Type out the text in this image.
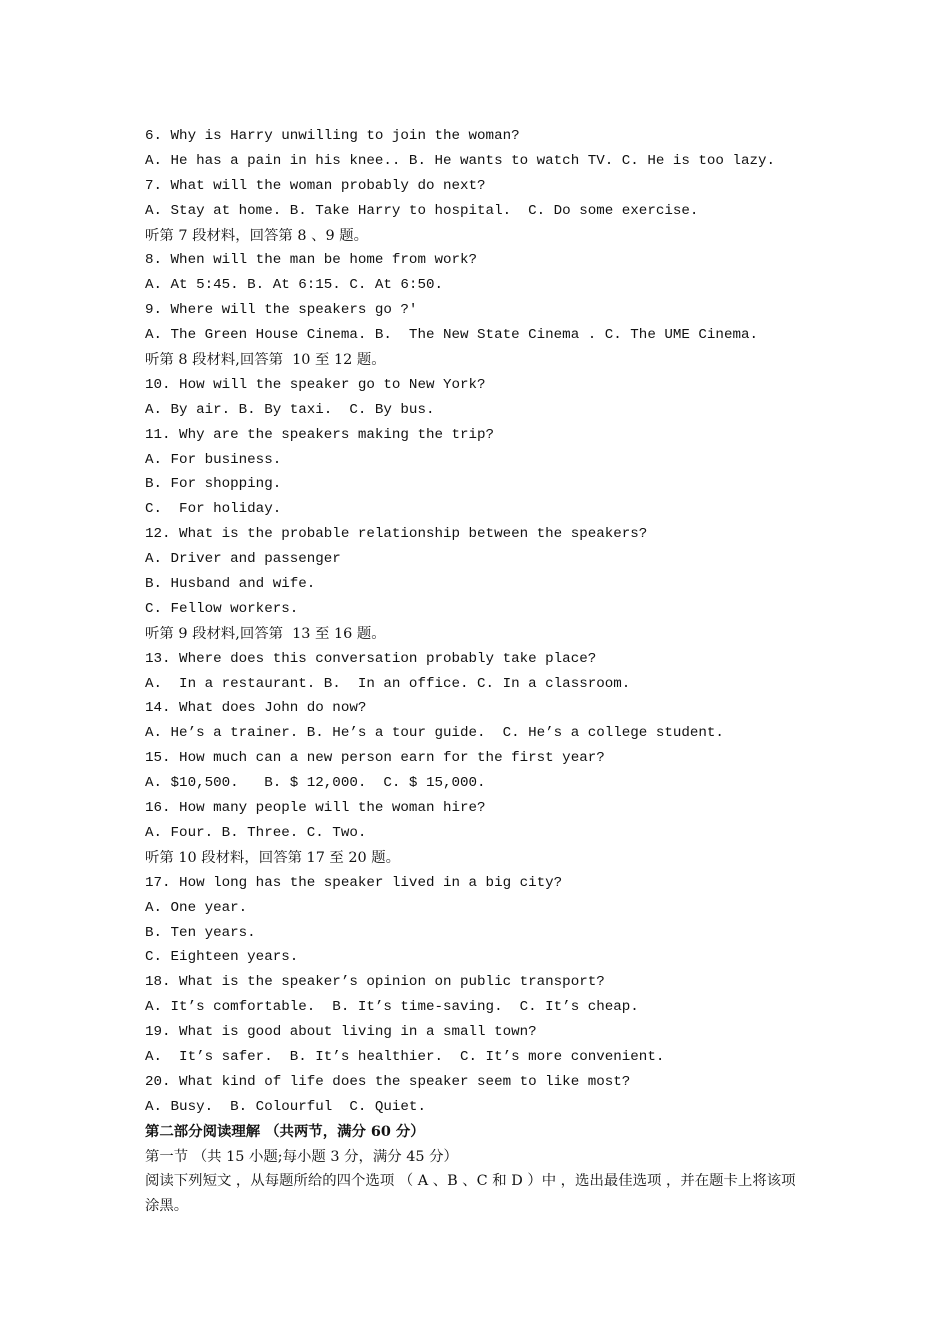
6. Why is Harry unwilling to join the woman?
A. He has a pain in his knee.. B. He wants to watch TV. C. He is too lazy.
7. What will the woman probably do next?
A. Stay at home. B. Take Harry to hospital.  C. Do some exercise.
听第 7 段材料，回答第 8 、9 题。
8. When will the man be home from work?
A. At 5:45. B. At 6:15. C. At 6:50.
9. Where will the speakers go ?'
A. The Green House Cinema. B.  The New State Cinema . C. The UME Cinema.
听第 8 段材料,回答第  10 至 12 题。
10. How will the speaker go to New York?
A. By air. B. By taxi.  C. By bus.
11. Why are the speakers making the trip?
A. For business.
B. For shopping.
C.  For holiday.
12. What is the probable relationship between the speakers?
A. Driver and passenger
B. Husband and wife.
C. Fellow workers.
听第 9 段材料,回答第  13 至 16 题。
13. Where does this conversation probably take place?
A.  In a restaurant. B.  In an office. C. In a classroom.
14. What does John do now?
A. He’s a trainer. B. He’s a tour guide.  C. He’s a college student.
15. How much can a new person earn for the first year?
A. $10,500.   B. $ 12,000.  C. $ 15,000.
16. How many people will the woman hire?
A. Four. B. Three. C. Two.
听第 10 段材料，回答第 17 至 20 题。
17. How long has the speaker lived in a big city?
A. One year.
B. Ten years.
C. Eighteen years.
18. What is the speaker’s opinion on public transport?
A. It’s comfortable.  B. It’s time-saving.  C. It’s cheap.
19. What is good about living in a small town?
A.  It’s safer.  B. It’s healthier.  C. It’s more convenient.
20. What kind of life does the speaker seem to like most?
A. Busy.  B. Colourful  C. Quiet.
第二部分阅读理解 （共两节，满分 60 分）
第一节 （共 15 小题;每小题 3 分，满分 45 分）
阅读下列短文 ，从每题所给的四个选项 （ A 、B 、C 和 D ）中 ，选出最佳选项 ，并在题卡上将该项涂黑。
